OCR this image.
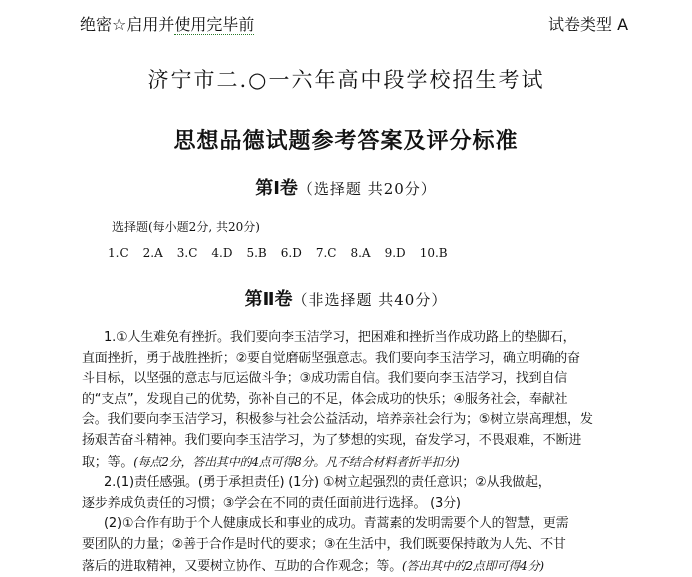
绝密☆启用并使用完毕前	试卷类型 A
济宁市二.○一六年高中段学校招生考试
思想品德试题参考答案及评分标准
第Ⅰ卷（选择题 共20分）
选择题(每小题2分, 共20分)
1.C 2.A 3.C 4.D 5.B 6.D 7.C 8.A 9.D 10.B
第Ⅱ卷（非选择题 共40分）
1.①人生难免有挫折。我们要向李玉洁学习，把困难和挫折当作成功路上的垫脚石，
直面挫折，勇于战胜挫折；②要自觉磨砺坚强意志。我们要向李玉洁学习，确立明确的奋
斗目标，以坚强的意志与厄运做斗争；③成功需自信。我们要向李玉洁学习，找到自信
的“支点”，发现自己的优势，弥补自己的不足，体会成功的快乐；④服务社会，奉献社
会。我们要向李玉洁学习，积极参与社会公益活动，培养亲社会行为；⑤树立崇高理想，发
扬艰苦奋斗精神。我们要向李玉洁学习，为了梦想的实现，奋发学习，不畏艰难，不断进
取；等。(每点2分，答出其中的4点可得8分。凡不结合材料者折半扣分)
2.(1)责任感强。(勇于承担责任) (1分) ①树立起强烈的责任意识；②从我做起，
逐步养成负责任的习惯；③学会在不同的责任面前进行选择。 (3分)
(2)①合作有助于个人健康成长和事业的成功。青蒿素的发明需要个人的智慧，更需
要团队的力量；②善于合作是时代的要求；③在生活中，我们既要保持敢为人先、不甘
落后的进取精神，又要树立协作、互助的合作观念；等。(答出其中的2点即可得4分)
